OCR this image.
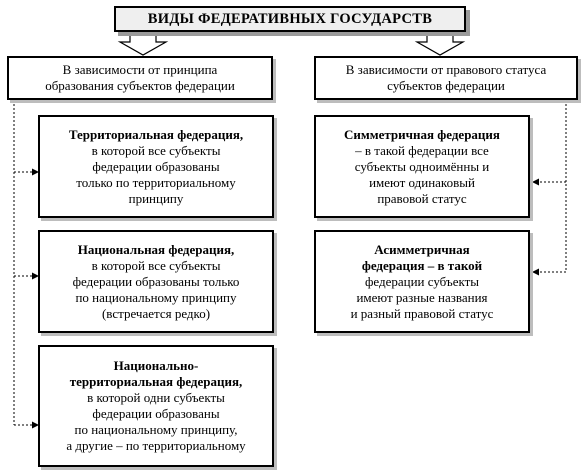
ВИДЫ ФЕДЕРАТИВНЫХ ГОСУДАРСТВ
В зависимости от принципа
образования субъектов федерации
В зависимости от правового статуса
субъектов федерации
Территориальная федерация,
в которой все субъекты
федерации образованы
только по территориальному
принципу
Национальная федерация,
в которой все субъекты
федерации образованы только
по национальному принципу
(встречается редко)
Национально-
территориальная федерация,
в которой одни субъекты
федерации образованы
по национальному принципу,
а другие – по территориальному
Симметричная федерация
– в такой федерации все
субъекты одноимённы и
имеют одинаковый
правовой статус
Асимметричная
федерация – в такой
федерации субъекты
имеют разные названия
и разный правовой статус
